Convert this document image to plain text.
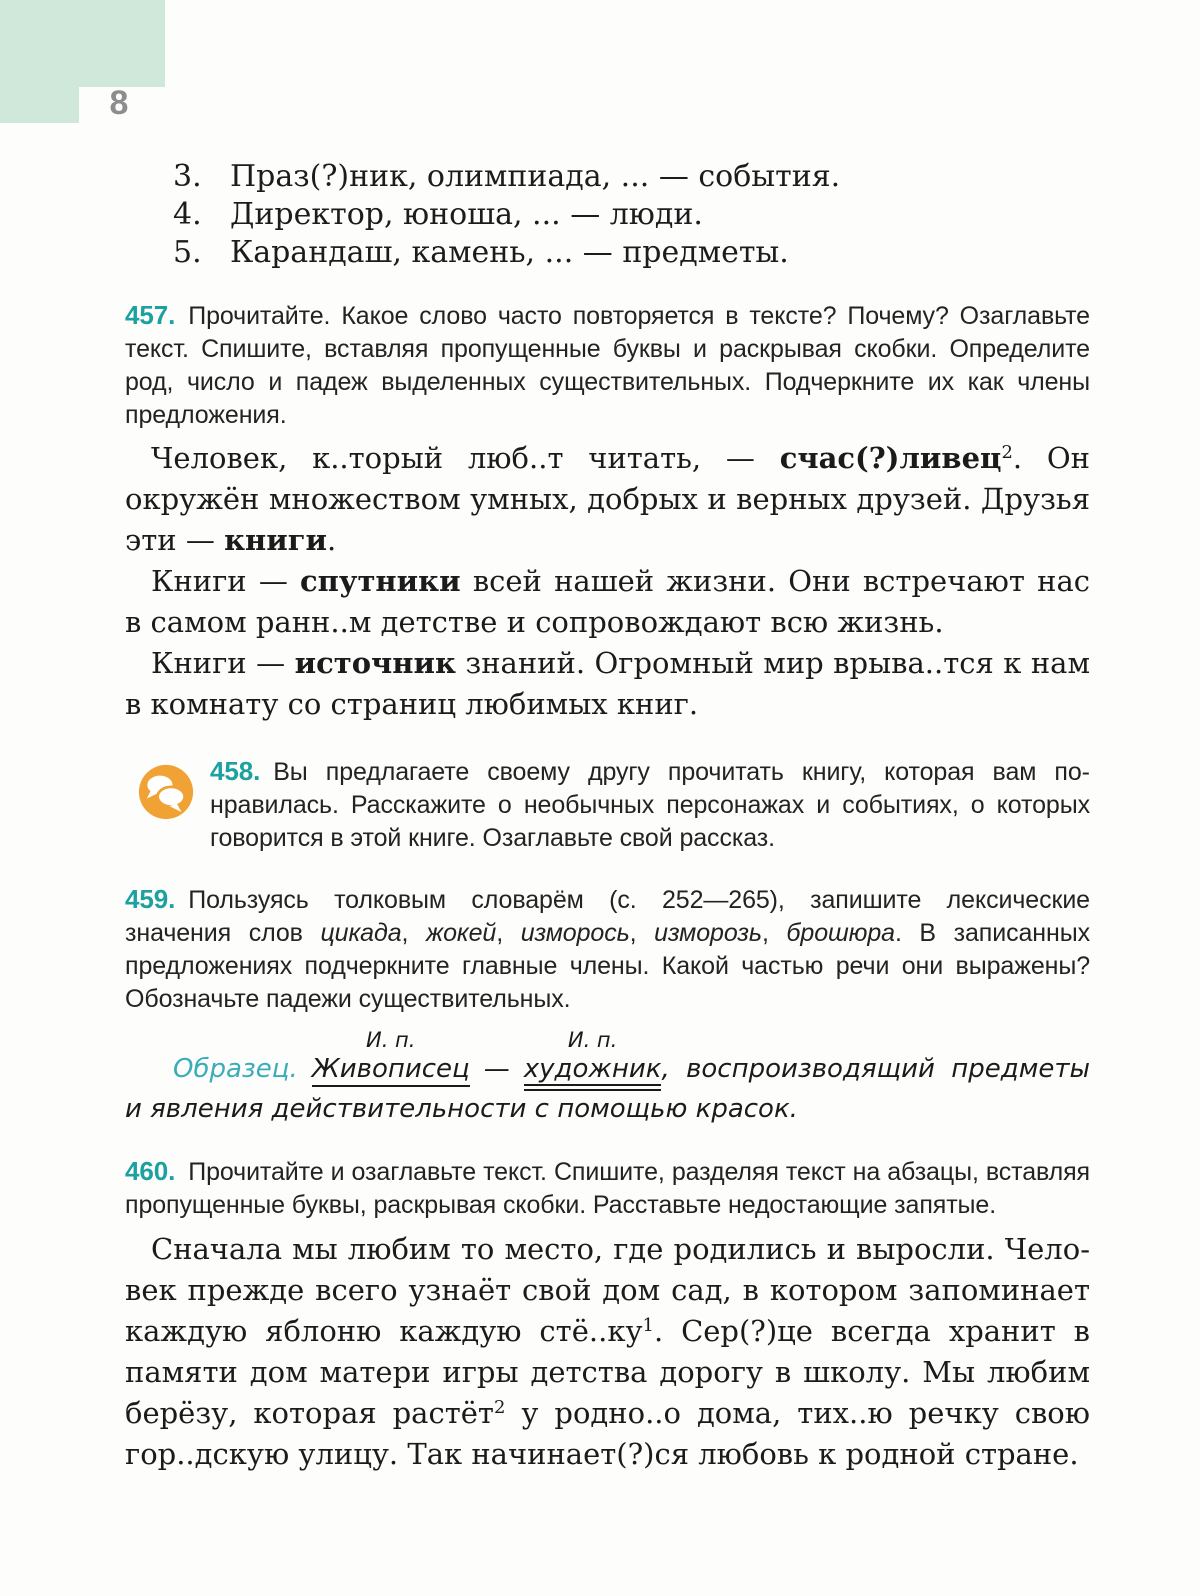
8
3. Праз(?)ник, олимпиада, ... — события.
4. Директор, юноша, ... — люди.
5. Карандаш, камень, ... — предметы.

457. Прочитайте. Какое слово часто повторяется в тексте? Почему? Озаглавьте текст. Спишите, вставляя пропущенные буквы и раскрывая скобки. Определите род, число и падеж выделенных существительных. Подчеркните их как члены предложения.

Человек, к..торый люб..т читать, — счас(?)ливец$^2$. Он окружён множеством умных, добрых и верных друзей. Друзья эти — книги.

Книги — спутники всей нашей жизни. Они встречают нас в самом ранн..м детстве и сопровождают всю жизнь.

Книги — источник знаний. Огромный мир врыва..тся к нам в комнату со страниц любимых книг.

458. Вы предлагаете своему другу прочитать книгу, которая вам понравилась. Расскажите о необычных персонажах и событиях, о которых говорится в этой книге. Озаглавьте свой рассказ.

459. Пользуясь толковым словарём (с. 252—265), запишите лексические значения слов цикада, жокей, изморось, изморозь, брошюра. В записанных предложениях подчеркните главные члены. Какой частью речи они выражены? Обозначьте падежи существительных.

Образец.
И. п.
Живописец —
И. п.
художник, воспроизводящий предметы и явления действительности с помощью красок.

460. Прочитайте и озаглавьте текст. Спишите, разделяя текст на абзацы, вставляя пропущенные буквы, раскрывая скобки. Расставьте недостающие запятые.

Сначала мы любим то место, где родились и выросли. Человек прежде всего узнаёт свой дом сад, в котором запоминает каждую яблоню каждую $стё..ку^1$. Сер(?)це всегда хранит в памяти дом матери игры детства дорогу в школу. Мы любим берёзу, которая растёт$^2$ у родно..о дома, тих..ю речку свою гор..дскую улицу. Так начинает(?)ся любовь к родной стране.
